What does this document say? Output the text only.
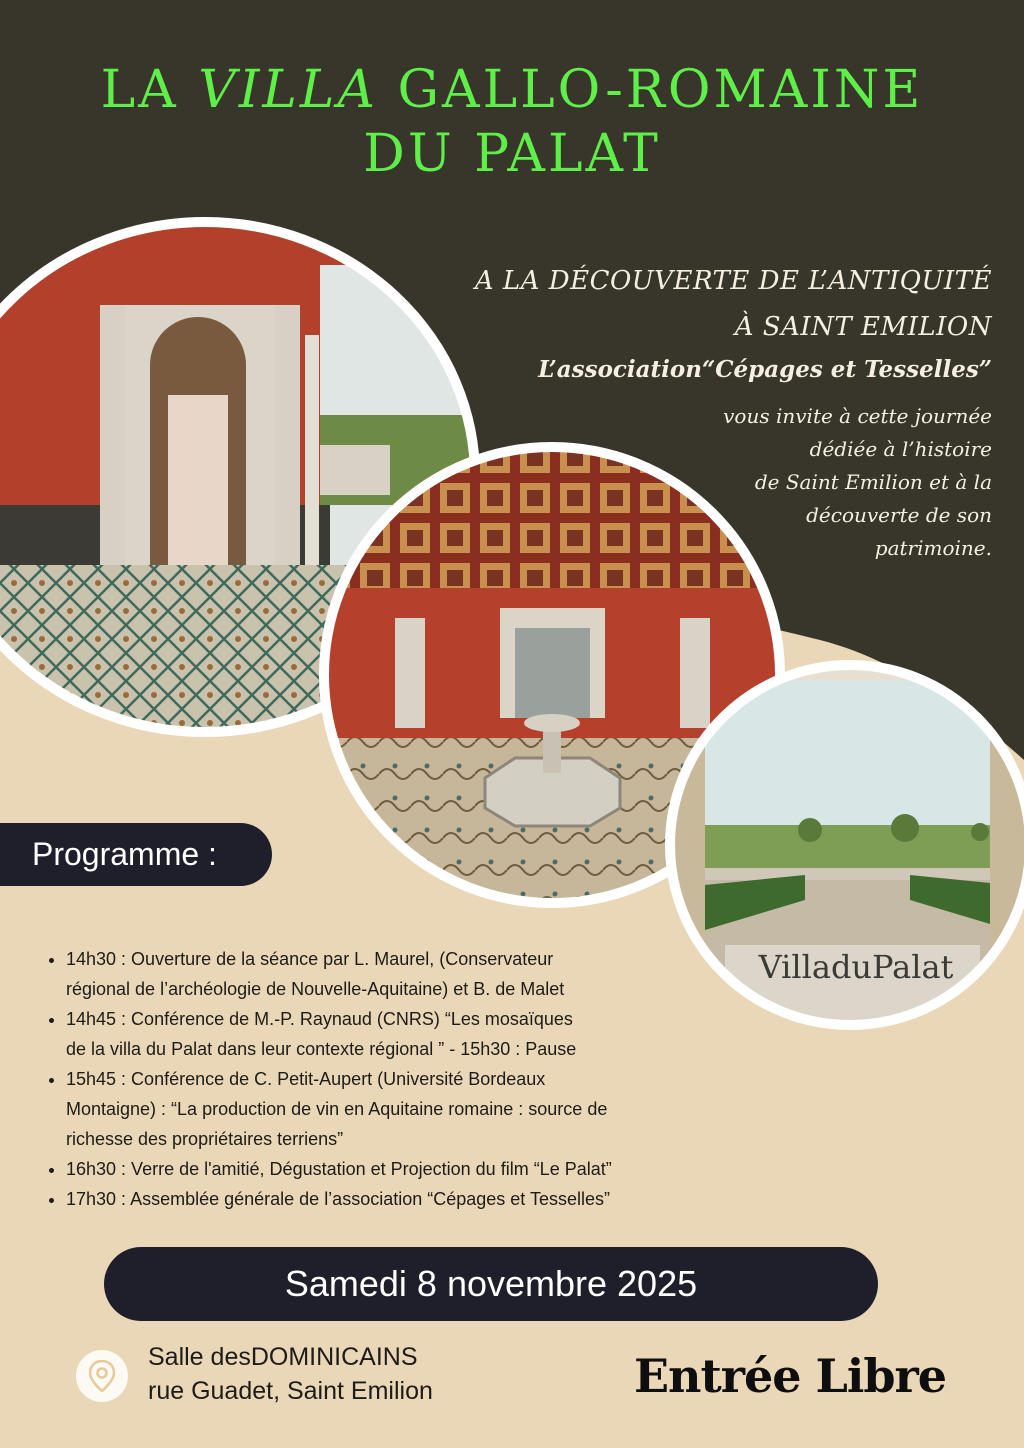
LA VILLA GALLO-ROMAINE
DU PALAT
A LA DÉCOUVERTE DE L’ANTIQUITÉ
À SAINT EMILION
L’association“Cépages et Tesselles”
vous invite à cette journée
dédiée à l’histoire
de Saint Emilion et à la
découverte de son
patrimoine.
VilladuPalat
Programme :
• 14h30 : Ouverture de la séance par L. Maurel, (Conservateur
régional de l’archéologie de Nouvelle-Aquitaine) et B. de Malet
• 14h45 : Conférence de M.-P. Raynaud (CNRS) “Les mosaïques
de la villa du Palat dans leur contexte régional ” - 15h30 : Pause
• 15h45 : Conférence de C. Petit-Aupert (Université Bordeaux
Montaigne) : “La production de vin en Aquitaine romaine : source de
richesse des propriétaires terriens”
• 16h30 : Verre de l'amitié, Dégustation et Projection du film “Le Palat”
• 17h30 : Assemblée générale de l’association “Cépages et Tesselles”
Samedi 8 novembre 2025
Salle desDOMINICAINS
rue Guadet, Saint Emilion	Entrée Libre
